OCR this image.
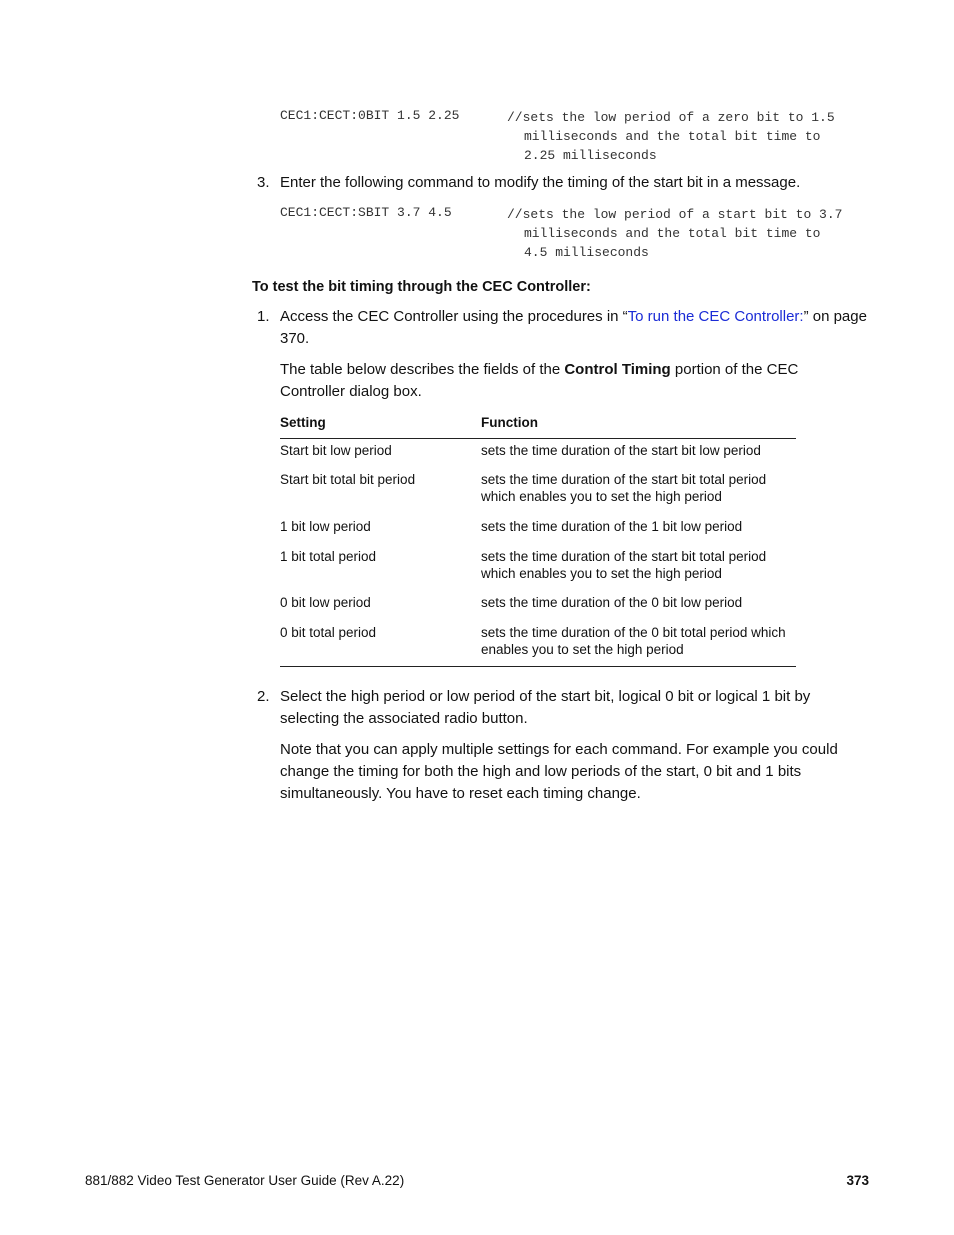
CEC1:CECT:0BIT 1.5 2.25	//sets the low period of a zero bit to 1.5
milliseconds and the total bit time to
2.25 milliseconds
3. Enter the following command to modify the timing of the start bit in a message.
CEC1:CECT:SBIT 3.7 4.5	//sets the low period of a start bit to 3.7
milliseconds and the total bit time to
4.5 milliseconds
To test the bit timing through the CEC Controller:
1. Access the CEC Controller using the procedures in “To run the CEC Controller:” on page 370.
The table below describes the fields of the Control Timing portion of the CEC Controller dialog box.
Setting	Function
Start bit low period	sets the time duration of the start bit low period
Start bit total bit period	sets the time duration of the start bit total period which enables you to set the high period
1 bit low period	sets the time duration of the 1 bit low period
1 bit total period	sets the time duration of the start bit total period which enables you to set the high period
0 bit low period	sets the time duration of the 0 bit low period
0 bit total period	sets the time duration of the 0 bit total period which enables you to set the high period
2. Select the high period or low period of the start bit, logical 0 bit or logical 1 bit by selecting the associated radio button.
Note that you can apply multiple settings for each command. For example you could change the timing for both the high and low periods of the start, 0 bit and 1 bits simultaneously. You have to reset each timing change.
881/882 Video Test Generator User Guide (Rev A.22)	373
